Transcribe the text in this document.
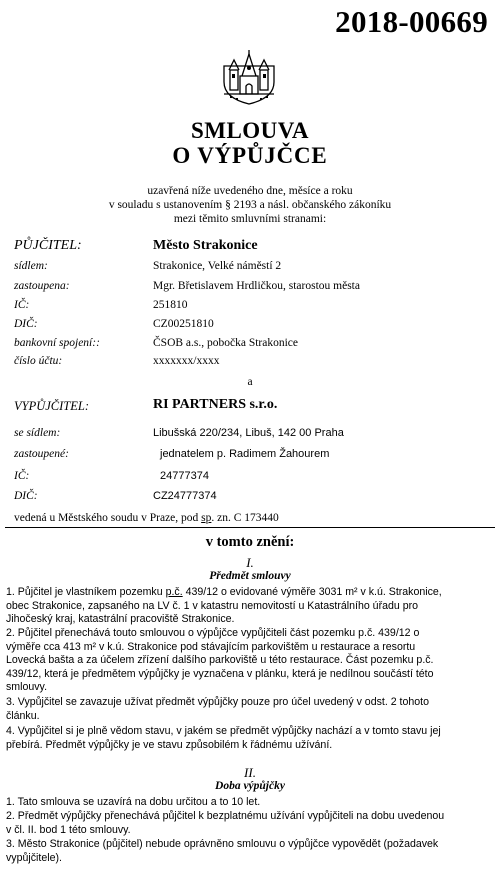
2018-00669
SMLOUVA
O VÝPŮJČCE
uzavřená níže uvedeného dne, měsíce a roku
v souladu s ustanovením § 2193 a násl. občanského zákoníku
mezi těmito smluvními stranami:
PŮJČITEL:	Město Strakonice
sídlem:	Strakonice, Velké náměstí 2
zastoupena:	Mgr. Břetislavem Hrdličkou, starostou města
IČ:	251810
DIČ:	CZ00251810
bankovní spojení::	ČSOB a.s., pobočka Strakonice
číslo účtu:	xxxxxxx/xxxx
a
VYPŮJČITEL:	RI PARTNERS s.r.o.
se sídlem:	Libušská 220/234, Libuš, 142 00 Praha
zastoupené:	jednatelem p. Radimem Žahourem
IČ:	24777374
DIČ:	CZ24777374
vedená u Městského soudu v Praze, pod sp. zn. C 173440
v tomto znění:
I.
Předmět smlouvy
1. Půjčitel je vlastníkem pozemku p.č. 439/12 o evidované výměře 3031 m² v k.ú. Strakonice,
obec Strakonice, zapsaného na LV č. 1 v katastru nemovitostí u Katastrálního úřadu pro
Jihočeský kraj, katastrální pracoviště Strakonice.
2. Půjčitel přenechává touto smlouvou o výpůjčce vypůjčiteli část pozemku p.č. 439/12 o
výměře cca 413 m² v k.ú. Strakonice pod stávajícím parkovištěm u restaurace a resortu
Lovecká bašta a za účelem zřízení dalšího parkoviště u této restaurace. Část pozemku p.č.
439/12, která je předmětem výpůjčky je vyznačena v plánku, která je nedílnou součástí této
smlouvy.
3. Vypůjčitel se zavazuje užívat předmět výpůjčky pouze pro účel uvedený v odst. 2 tohoto
článku.
4. Vypůjčitel si je plně vědom stavu, v jakém se předmět výpůjčky nachází a v tomto stavu jej
přebírá. Předmět výpůjčky je ve stavu způsobilém k řádnému užívání.
II.
Doba výpůjčky
1. Tato smlouva se uzavírá na dobu určitou a to 10 let.
2. Předmět výpůjčky přenechává půjčitel k bezplatnému užívání vypůjčiteli na dobu uvedenou
v čl. II. bod 1 této smlouvy.
3. Město Strakonice (půjčitel) nebude oprávněno smlouvu o výpůjčce vypovědět (požadavek
vypůjčitele).
